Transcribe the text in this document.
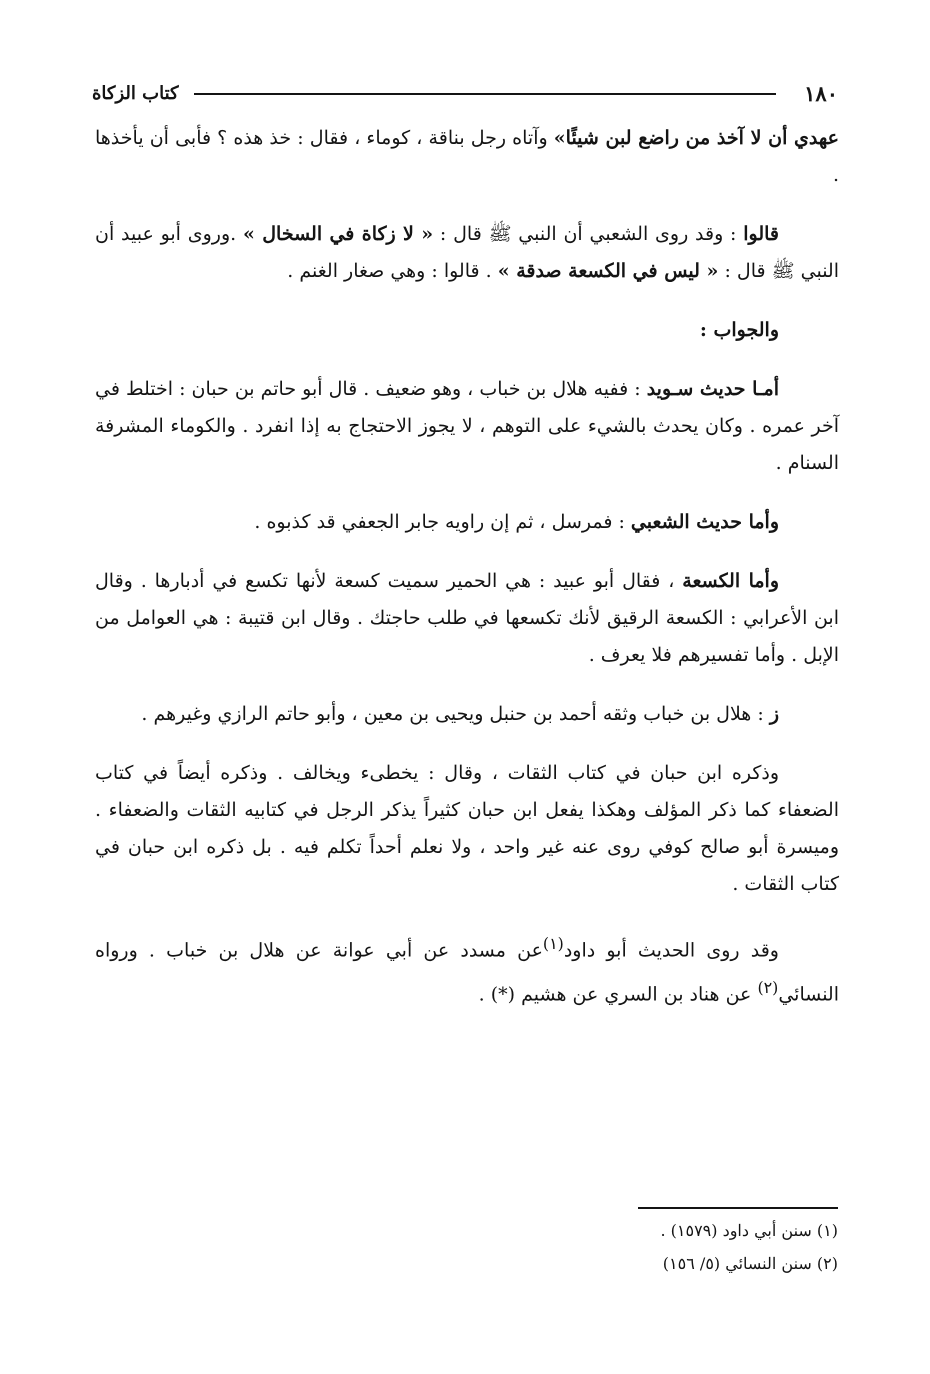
١٨٠
كتاب الزكاة

عهدي أن لا آخذ من راضع لبن شيئًا» وآتاه رجل بناقة ، كوماء ، فقال : خذ هذه ؟ فأبى أن يأخذها .

قالوا : وقد روى الشعبي أن النبي ﷺ قال : « لا زكاة في السخال » .وروى أبو عبيد أن النبي ﷺ قال : « ليس في الكسعة صدقة » . قالوا : وهي صغار الغنم .

والجواب :

أمـا حديث سـويد : ففيه هلال بن خباب ، وهو ضعيف . قال أبو حاتم بن حبان : اختلط في آخر عمره . وكان يحدث بالشيء على التوهم ، لا يجوز الاحتجاج به إذا انفرد . والكوماء المشرفة السنام .

وأما حديث الشعبي : فمرسل ، ثم إن راويه جابر الجعفي قد كذبوه .

وأما الكسعة ، فقال أبو عبيد : هي الحمير سميت كسعة لأنها تكسع في أدبارها . وقال ابن الأعرابي : الكسعة الرقيق لأنك تكسعها في طلب حاجتك . وقال ابن قتيبة : هي العوامل من الإبل . وأما تفسيرهم فلا يعرف .

ز : هلال بن خباب وثقه أحمد بن حنبل ويحيى بن معين ، وأبو حاتم الرازي وغيرهم .

وذكره ابن حبان في كتاب الثقات ، وقال : يخطىء ويخالف . وذكره أيضاً في كتاب الضعفاء كما ذكر المؤلف وهكذا يفعل ابن حبان كثيراً يذكر الرجل في كتابيه الثقات والضعفاء . وميسرة أبو صالح كوفي روى عنه غير واحد ، ولا نعلم أحداً تكلم فيه . بل ذكره ابن حبان في كتاب الثقات .

وقد روى الحديث أبو داود$^{(١)}$عن مسدد عن أبي عوانة عن هلال بن خباب . ورواه النسائي$^{(٢)}$ عن هناد بن السري عن هشيم (*) .

(١) سنن أبي داود (١٥٧٩) .

(٢) سنن النسائي (٥/ ١٥٦)
